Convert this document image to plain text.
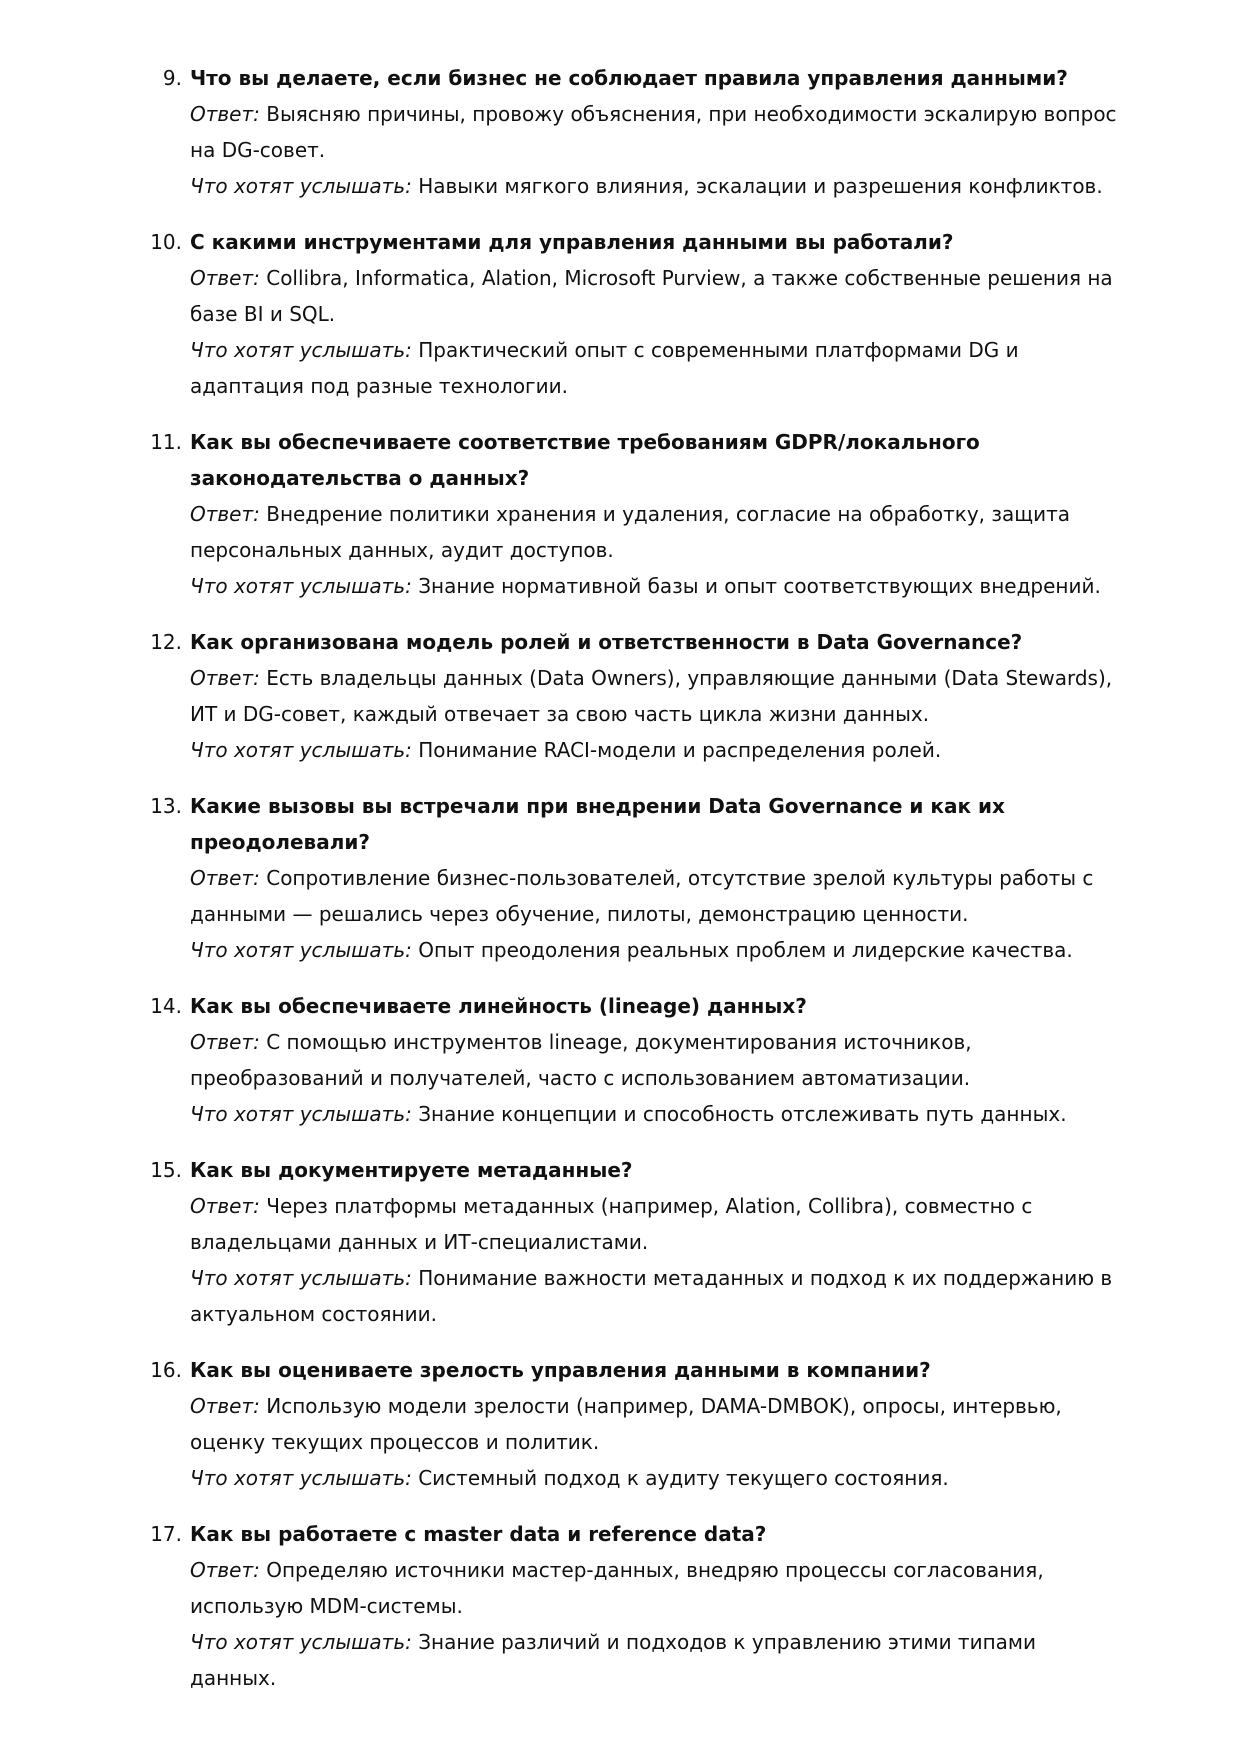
9. Что вы делаете, если бизнес не соблюдает правила управления данными?

Ответ: Выясняю причины, провожу объяснения, при необходимости эскалирую вопрос на DG-совет.

Что хотят услышать: Навыки мягкого влияния, эскалации и разрешения конфликтов.

10. С какими инструментами для управления данными вы работали?

Ответ: Collibra, Informatica, Alation, Microsoft Purview, а также собственные решения на базе BI и SQL.

Что хотят услышать: Практический опыт с современными платформами DG и адаптация под разные технологии.

11. Как вы обеспечиваете соответствие требованиям GDPR/локального законодательства о данных?

Ответ: Внедрение политики хранения и удаления, согласие на обработку, защита персональных данных, аудит доступов.

Что хотят услышать: Знание нормативной базы и опыт соответствующих внедрений.

12. Как организована модель ролей и ответственности в Data Governance?

Ответ: Есть владельцы данных (Data Owners), управляющие данными (Data Stewards), ИТ и DG-совет, каждый отвечает за свою часть цикла жизни данных.

Что хотят услышать: Понимание RACI-модели и распределения ролей.

13. Какие вызовы вы встречали при внедрении Data Governance и как их преодолевали?

Ответ: Сопротивление бизнес-пользователей, отсутствие зрелой культуры работы с данными — решались через обучение, пилоты, демонстрацию ценности.

Что хотят услышать: Опыт преодоления реальных проблем и лидерские качества.

14. Как вы обеспечиваете линейность (lineage) данных?

Ответ: С помощью инструментов lineage, документирования источников, преобразований и получателей, часто с использованием автоматизации.

Что хотят услышать: Знание концепции и способность отслеживать путь данных.

15. Как вы документируете метаданные?

Ответ: Через платформы метаданных (например, Alation, Collibra), совместно с владельцами данных и ИТ-специалистами.

Что хотят услышать: Понимание важности метаданных и подход к их поддержанию в актуальном состоянии.

16. Как вы оцениваете зрелость управления данными в компании?

Ответ: Использую модели зрелости (например, DAMA-DMBOK), опросы, интервью, оценку текущих процессов и политик.

Что хотят услышать: Системный подход к аудиту текущего состояния.

17. Как вы работаете с master data и reference data?

Ответ: Определяю источники мастер-данных, внедряю процессы согласования, использую MDM-системы.

Что хотят услышать: Знание различий и подходов к управлению этими типами данных.
